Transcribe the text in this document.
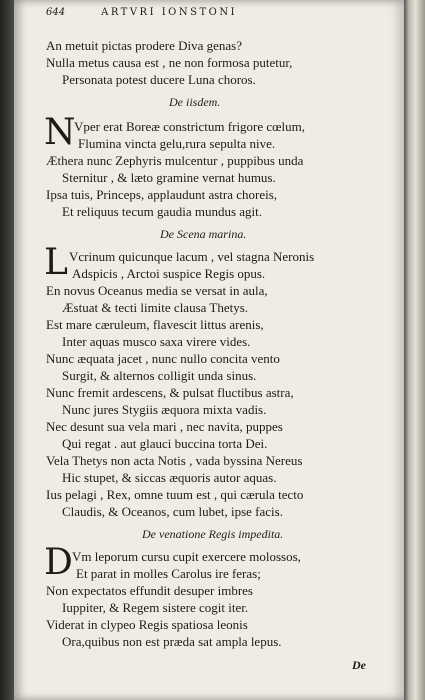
644	ARTVRI IONSTONI
An metuit pictas prodere Diva genas?
Nulla metus causa est , ne non formosa putetur,
Personata potest ducere Luna choros.
De iisdem.
N
Vper erat Boreæ constrictum frigore cœlum,
Flumina vincta gelu,rura sepulta nive.
Æthera nunc Zephyris mulcentur , puppibus unda
Sternitur , & læto gramine vernat humus.
Ipsa tuis, Princeps, applaudunt astra choreis,
Et reliquus tecum gaudia mundus agit.
De Scena marina.
L Vcrinum quicunque lacum , vel stagna Neronis
Adspicis , Arctoi suspice Regis opus.
En novus Oceanus media se versat in aula,
Æstuat & tecti limite clausa Thetys.
Est mare cæruleum, flavescit littus arenis,
Inter aquas musco saxa virere vides.
Nunc æquata jacet , nunc nullo concita vento
Surgit, & alternos colligit unda sinus.
Nunc fremit ardescens, & pulsat fluctibus astra,
Nunc jures Stygiis æquora mixta vadis.
Nec desunt sua vela mari , nec navita, puppes
Qui regat . aut glauci buccina torta Dei.
Vela Thetys non acta Notis , vada byssina Nereus
Hic stupet, & siccas æquoris autor aquas.
Ius pelagi , Rex, omne tuum est , qui cærula tecto
Claudis, & Oceanos, cum lubet, ipse facis.
De venatione Regis impedita.
D Vm leporum cursu cupit exercere molossos,
Et parat in molles Carolus ire feras;
Non expectatos effundit desuper imbres
Iuppiter, & Regem sistere cogit iter.
Viderat in clypeo Regis spatiosa leonis
Ora,quibus non est præda sat ampla lepus.
De
